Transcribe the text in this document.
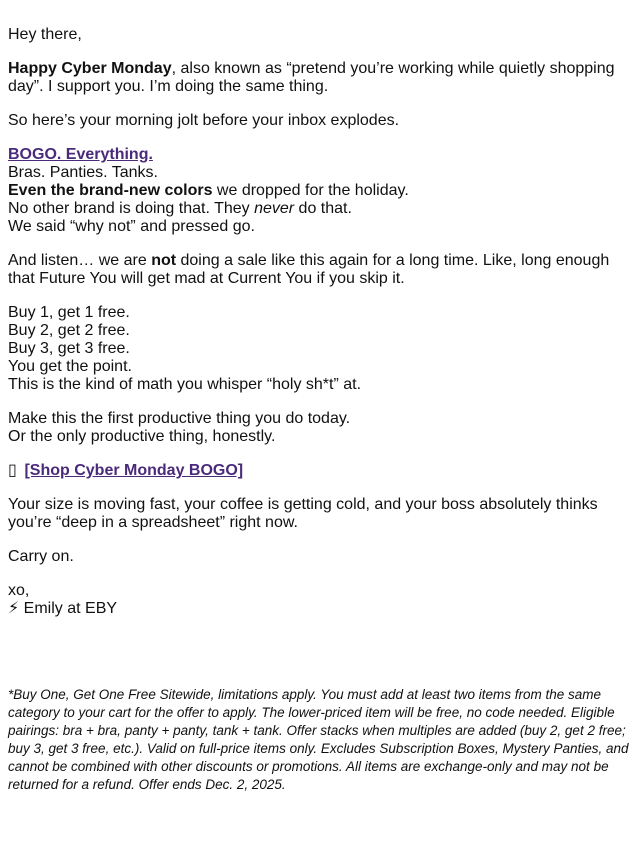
Hey there,

Happy Cyber Monday, also known as “pretend you’re working while quietly shopping day”. I support you. I’m doing the same thing.

So here’s your morning jolt before your inbox explodes.

BOGO. Everything.
Bras. Panties. Tanks.
Even the brand-new colors we dropped for the holiday.
No other brand is doing that. They never do that.
We said “why not” and pressed go.

And listen… we are not doing a sale like this again for a long time. Like, long enough that Future You will get mad at Current You if you skip it.

Buy 1, get 1 free.
Buy 2, get 2 free.
Buy 3, get 3 free.
You get the point.
This is the kind of math you whisper “holy sh*t” at.

Make this the first productive thing you do today.
Or the only productive thing, honestly.

▯ [Shop Cyber Monday BOGO]

Your size is moving fast, your coffee is getting cold, and your boss absolutely thinks you’re “deep in a spreadsheet” right now.

Carry on.

xo,
⚡ Emily at EBY

*Buy One, Get One Free Sitewide, limitations apply. You must add at least two items from the same category to your cart for the offer to apply. The lower-priced item will be free, no code needed. Eligible pairings: bra + bra, panty + panty, tank + tank. Offer stacks when multiples are added (buy 2, get 2 free; buy 3, get 3 free, etc.). Valid on full-price items only. Excludes Subscription Boxes, Mystery Panties, and cannot be combined with other discounts or promotions. All items are exchange-only and may not be returned for a refund. Offer ends Dec. 2, 2025.
